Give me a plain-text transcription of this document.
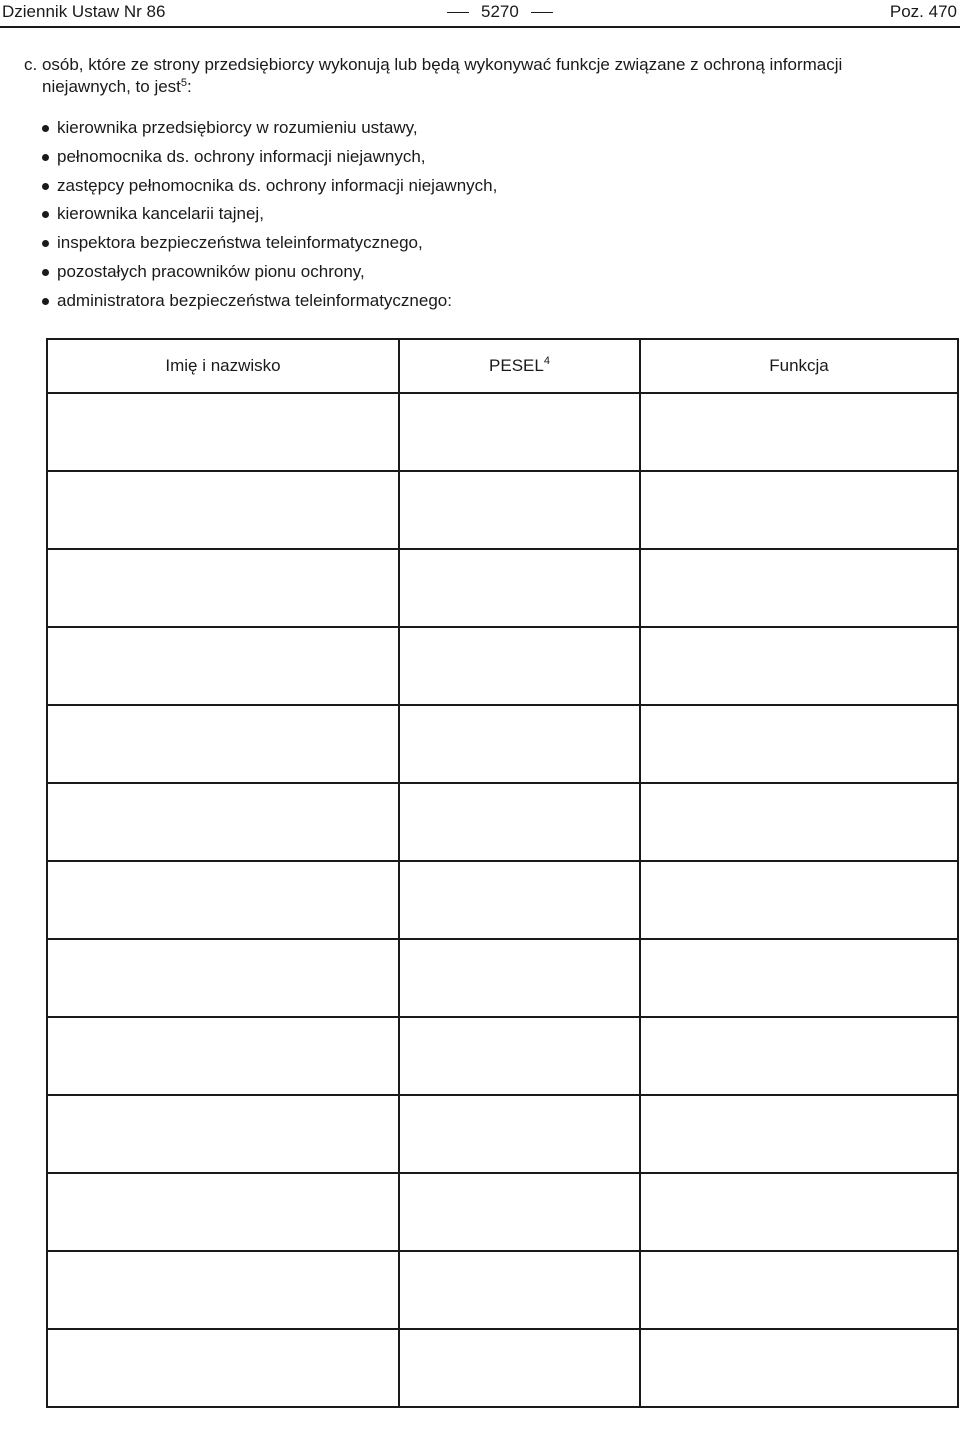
Dziennik Ustaw Nr 86	5270	Poz. 470
c. osób, które ze strony przedsiębiorcy wykonują lub będą wykonywać funkcje związane z ochroną informacji
niejawnych, to jest$^5$:
kierownika przedsiębiorcy w rozumieniu ustawy,
pełnomocnika ds. ochrony informacji niejawnych,
zastępcy pełnomocnika ds. ochrony informacji niejawnych,
kierownika kancelarii tajnej,
inspektora bezpieczeństwa teleinformatycznego,
pozostałych pracowników pionu ochrony,
administratora bezpieczeństwa teleinformatycznego:
Imię i nazwisko	PESEL$^4$	Funkcja
